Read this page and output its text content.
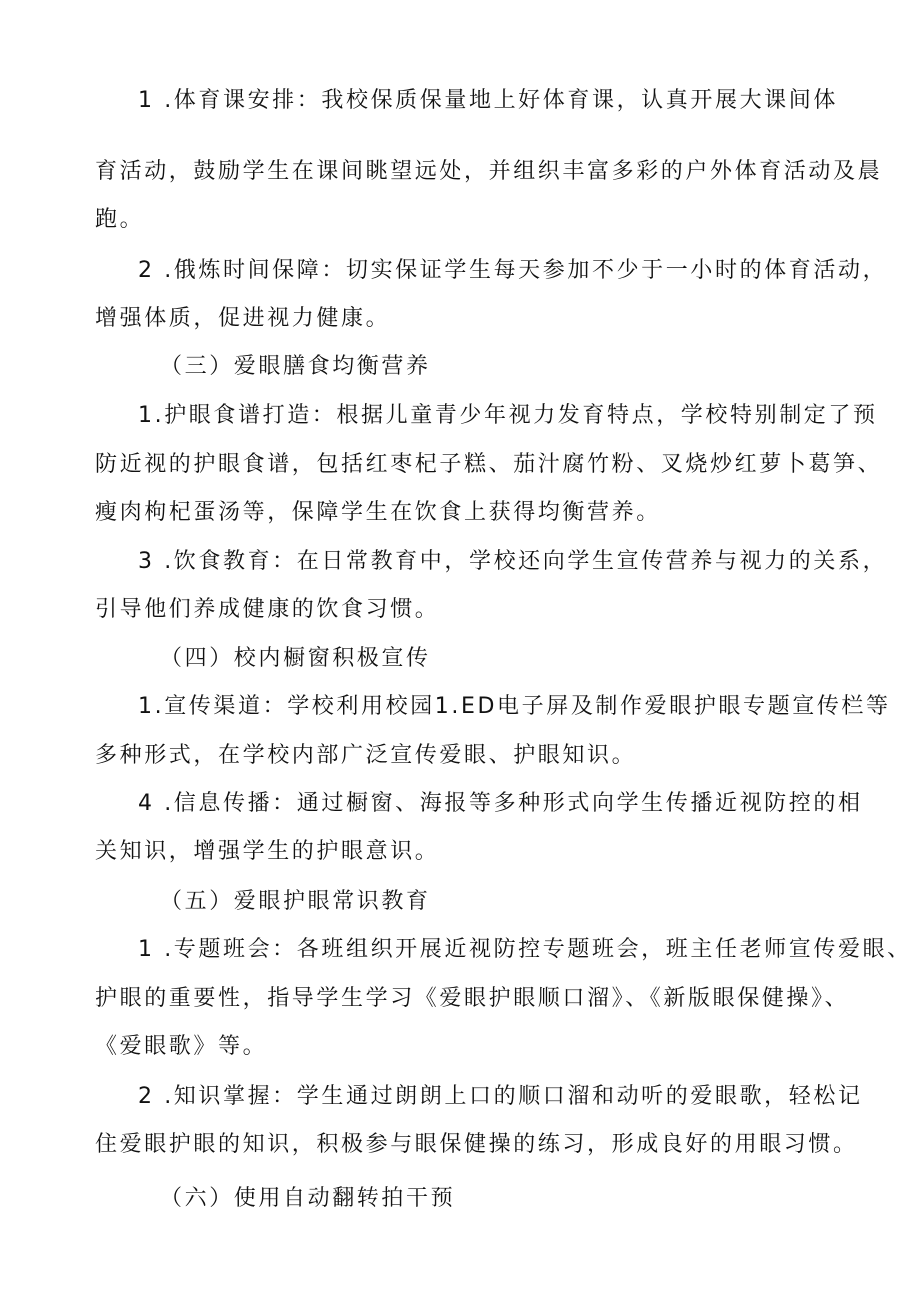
1 .体育课安排：我校保质保量地上好体育课，认真开展大课间体
育活动，鼓励学生在课间眺望远处，并组织丰富多彩的户外体育活动及晨
跑。
2 .俄炼时间保障：切实保证学生每天参加不少于一小时的体育活动，
增强体质，促进视力健康。
（三）爱眼膳食均衡营养
1.护眼食谱打造：根据儿童青少年视力发育特点，学校特别制定了预
防近视的护眼食谱，包括红枣杞子糕、茄汁腐竹粉、叉烧炒红萝卜葛笋、
瘦肉枸杞蛋汤等，保障学生在饮食上获得均衡营养。
3 .饮食教育：在日常教育中，学校还向学生宣传营养与视力的关系，
引导他们养成健康的饮食习惯。
（四）校内橱窗积极宣传
1.宣传渠道：学校利用校园1.ED电子屏及制作爱眼护眼专题宣传栏等
多种形式，在学校内部广泛宣传爱眼、护眼知识。
4 .信息传播：通过橱窗、海报等多种形式向学生传播近视防控的相
关知识，增强学生的护眼意识。
（五）爱眼护眼常识教育
1 .专题班会：各班组织开展近视防控专题班会，班主任老师宣传爱眼、
护眼的重要性，指导学生学习《爱眼护眼顺口溜》、《新版眼保健操》、
《爱眼歌》等。
2 .知识掌握：学生通过朗朗上口的顺口溜和动听的爱眼歌，轻松记
住爱眼护眼的知识，积极参与眼保健操的练习，形成良好的用眼习惯。
（六）使用自动翻转拍干预
